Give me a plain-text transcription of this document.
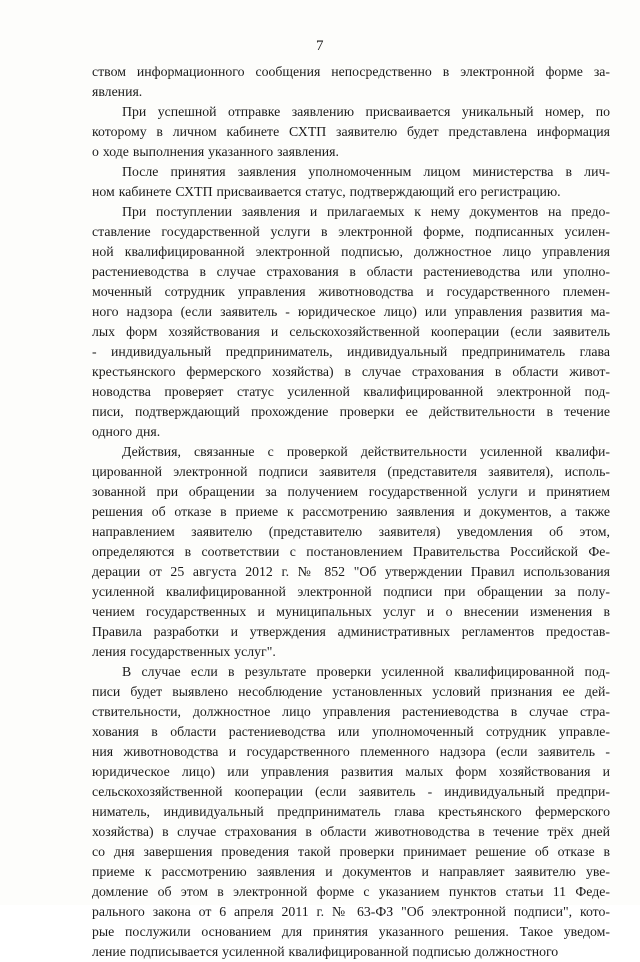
7

ством информационного сообщения непосредственно в электронной форме за-
явления.

При успешной отправке заявлению присваивается уникальный номер, по
которому в личном кабинете СХТП заявителю будет представлена информация
о ходе выполнения указанного заявления.

После принятия заявления уполномоченным лицом министерства в лич-
ном кабинете СХТП присваивается статус, подтверждающий его регистрацию.

При поступлении заявления и прилагаемых к нему документов на предо-
ставление государственной услуги в электронной форме, подписанных усилен-
ной квалифицированной электронной подписью, должностное лицо управления
растениеводства в случае страхования в области растениеводства или уполно-
моченный сотрудник управления животноводства и государственного племен-
ного надзора (если заявитель - юридическое лицо) или управления развития ма-
лых форм хозяйствования и сельскохозяйственной кооперации (если заявитель
- индивидуальный предприниматель, индивидуальный предприниматель глава
крестьянского фермерского хозяйства) в случае страхования в области живот-
новодства проверяет статус усиленной квалифицированной электронной под-
писи, подтверждающий прохождение проверки ее действительности в течение
одного дня.

Действия, связанные с проверкой действительности усиленной квалифи-
цированной электронной подписи заявителя (представителя заявителя), исполь-
зованной при обращении за получением государственной услуги и принятием
решения об отказе в приеме к рассмотрению заявления и документов, а также
направлением заявителю (представителю заявителя) уведомления об этом,
определяются в соответствии с постановлением Правительства Российской Фе-
дерации от 25 августа 2012 г. № 852 "Об утверждении Правил использования
усиленной квалифицированной электронной подписи при обращении за полу-
чением государственных и муниципальных услуг и о внесении изменения в
Правила разработки и утверждения административных регламентов предостав-
ления государственных услуг".

В случае если в результате проверки усиленной квалифицированной под-
писи будет выявлено несоблюдение установленных условий признания ее дей-
ствительности, должностное лицо управления растениеводства в случае стра-
хования в области растениеводства или уполномоченный сотрудник управле-
ния животноводства и государственного племенного надзора (если заявитель -
юридическое лицо) или управления развития малых форм хозяйствования и
сельскохозяйственной кооперации (если заявитель - индивидуальный предпри-
ниматель, индивидуальный предприниматель глава крестьянского фермерского
хозяйства) в случае страхования в области животноводства в течение трёх дней
со дня завершения проведения такой проверки принимает решение об отказе в
приеме к рассмотрению заявления и документов и направляет заявителю уве-
домление об этом в электронной форме с указанием пунктов статьи 11 Феде-
рального закона от 6 апреля 2011 г. № 63-ФЗ "Об электронной подписи", кото-
рые послужили основанием для принятия указанного решения. Такое уведом-
ление подписывается усиленной квалифицированной подписью должностного
